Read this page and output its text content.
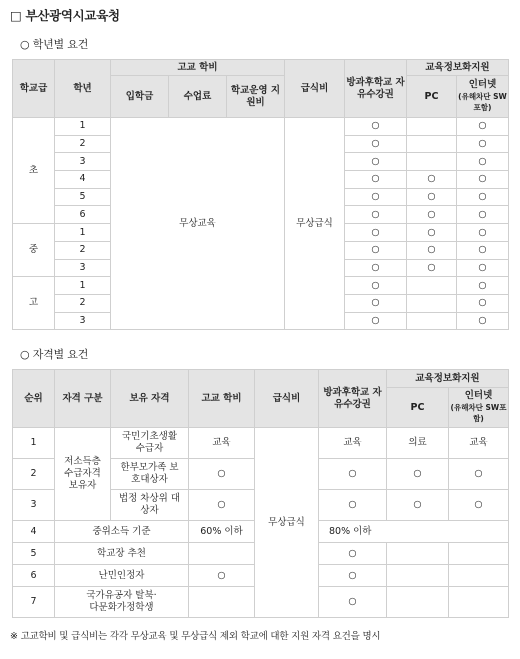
□ 부산광역시교육청
○ 학년별 요건
학교급	학년	고교 학비			급식비	방과후학교 자유수강권	교육정보화지원	
		입학금	수업료	학교운영 지원비			PC	인터넷
(유해차단 SW포함)
초	1	무상교육			무상급식	○		○
	2					○		○
	3					○		○
	4					○	○	○
	5					○	○	○
	6					○	○	○
중	1					○	○	○
	2					○	○	○
	3					○	○	○
고	1					○		○
	2					○		○
	3					○		○
○ 자격별 요건
순위	자격 구분	보유 자격	고교 학비	급식비	방과후학교 자유수강권	교육정보화지원	
						PC	인터넷
(유해차단 SW포함)
1	저소득층 수급자격 보유자	국민기초생활 수급자	교육	무상급식	교육	의료	교육
2		한부모가족 보호대상자	○		○	○	○
3		법정 차상위 대상자	○		○	○	○
4	중위소득 기준		60% 이하		80% 이하		
5	학교장 추천				○		
6	난민인정자		○		○		
7	국가유공자 탈북·다문화가정학생				○		
※ 고교학비 및 급식비는 각각 무상교육 및 무상급식 제외 학교에 대한 지원 자격 요건을 명시
